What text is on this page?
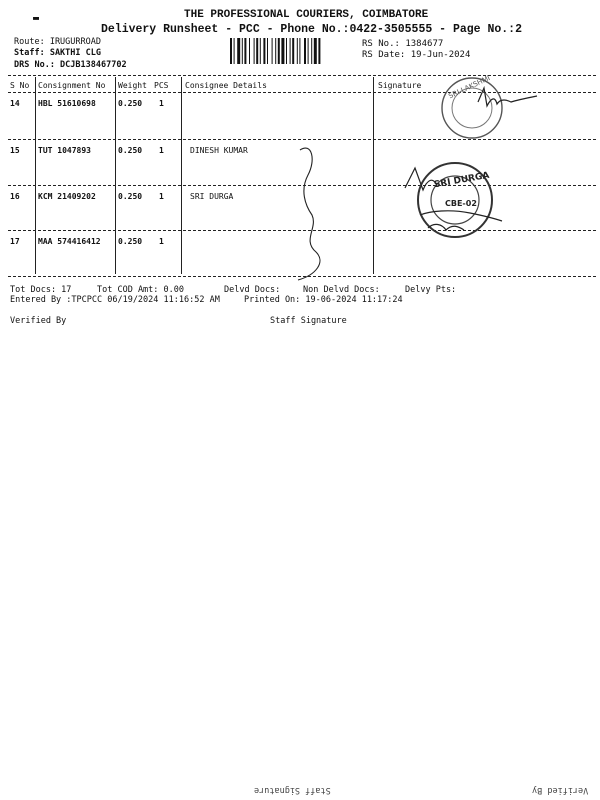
▬	THE PROFESSIONAL COURIERS, COIMBATORE
Delivery Runsheet - PCC - Phone No.:0422-3505555 - Page No.:2
Route: IRUGURROAD
Staff: SAKTHI CLG
DRS No.: DCJB138467702
RS No.: 1384677
RS Date: 19-Jun-2024
S No Consignment No Weight PCS Consignee Details	Signature
14 HBL 51610698	0.250 1
15 TUT 1047893	0.250 1	DINESH KUMAR
16 KCM 21409202	0.250 1	SRI DURGA
17 MAA 574416412 0.250 1
SRI LAKSHMI
SRI DURGA
CBE-02
Tot Docs: 17	Tot COD Amt: 0.00	Delvd Docs:	Non Delvd Docs:	Delvy Pts:
Entered By :TPCPCC 06/19/2024 11:16:52 AM	Printed On: 19-06-2024 11:17:24
Verified By	Staff Signature
Staff Signature	Verified By
